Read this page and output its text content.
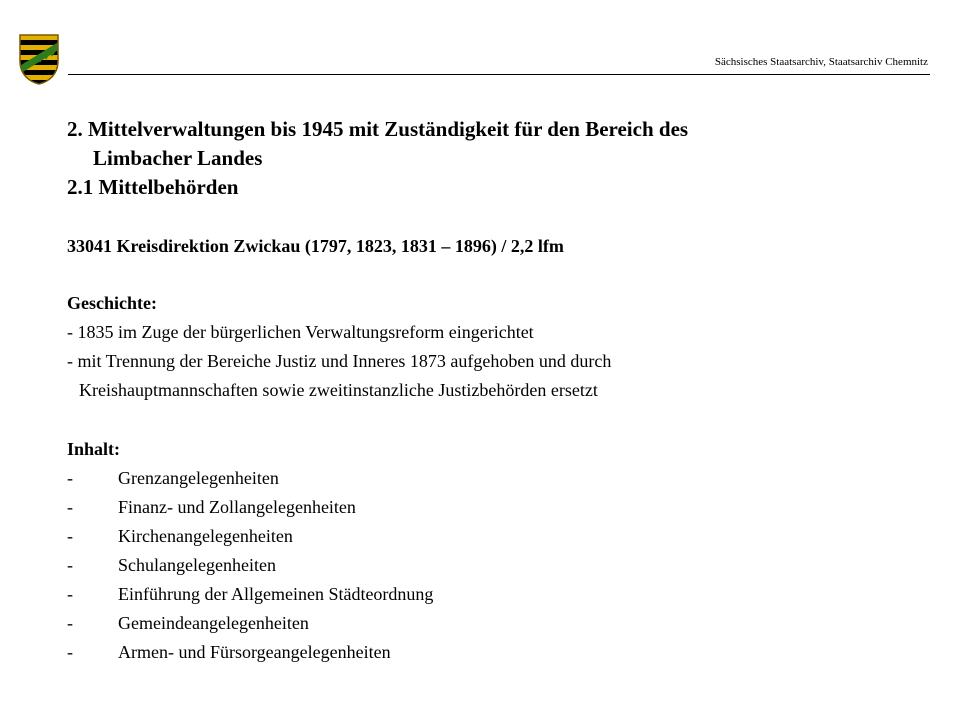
Sächsisches Staatsarchiv, Staatsarchiv Chemnitz
2. Mittelverwaltungen bis 1945 mit Zuständigkeit für den Bereich des
Limbacher Landes
2.1 Mittelbehörden
33041 Kreisdirektion Zwickau (1797, 1823, 1831 – 1896) / 2,2 lfm
Geschichte:
- 1835 im Zuge der bürgerlichen Verwaltungsreform eingerichtet
- mit Trennung der Bereiche Justiz und Inneres 1873 aufgehoben und durch
Kreishauptmannschaften sowie zweitinstanzliche Justizbehörden ersetzt
Inhalt:
-	Grenzangelegenheiten
-	Finanz- und Zollangelegenheiten
-	Kirchenangelegenheiten
-	Schulangelegenheiten
-	Einführung der Allgemeinen Städteordnung
-	Gemeindeangelegenheiten
-	Armen- und Fürsorgeangelegenheiten
